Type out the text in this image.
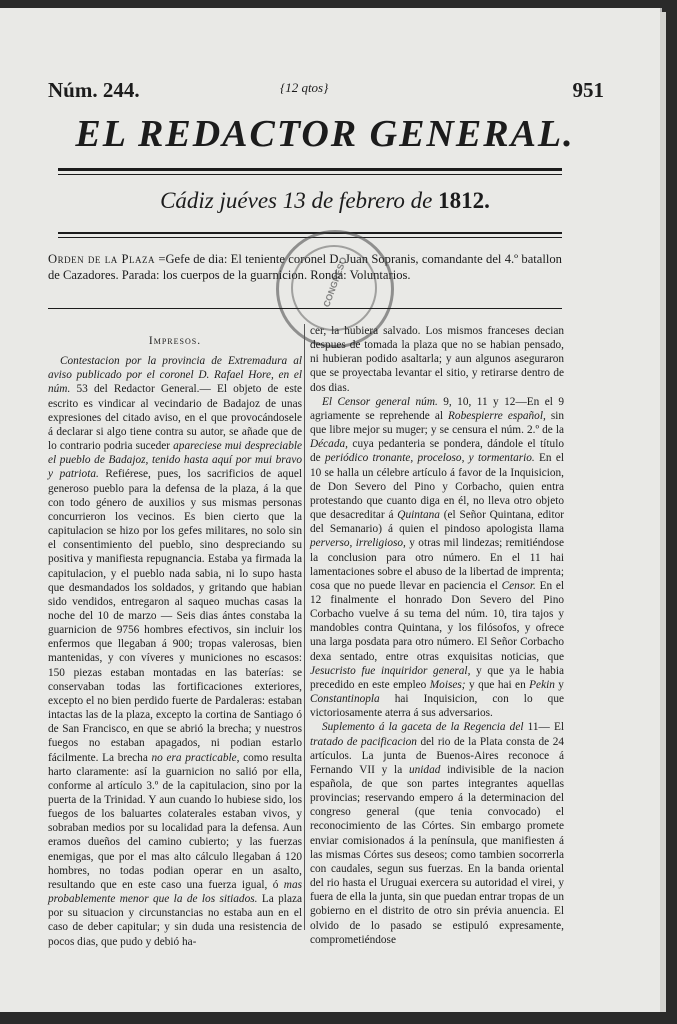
Núm. 244.	{12 qtos}	951
EL REDACTOR GENERAL.
Cádiz juéves 13 de febrero de 1812.
Orden de la Plaza =Gefe de dia: El teniente coronel D. Juan Sopranis, comandante del 4.º batallon de Cazadores. Parada: los cuerpos de la guarnicion. Ronda: Voluntarios.
CONGRESO
Impresos.

Contestacion por la provincia de Extremadura al aviso publicado por el coronel D. Rafael Hore, en el núm. 53 del Redactor General.— El objeto de este escrito es vindicar al vecindario de Badajoz de unas expresiones del citado aviso, en el que provocándosele á declarar si algo tiene contra su autor, se añade que de lo contrario podria suceder apareciese mui despreciable el pueblo de Badajoz, tenido hasta aquí por mui bravo y patriota. Refiérese, pues, los sacrificios de aquel generoso pueblo para la defensa de la plaza, á la que con todo género de auxilios y sus mismas personas concurrieron los vecinos. Es bien cierto que la capitulacion se hizo por los gefes militares, no solo sin el consentimiento del pueblo, sino despreciando su positiva y manifiesta repugnancia. Estaba ya firmada la capitulacion, y el pueblo nada sabia, ni lo supo hasta que desmandados los soldados, y gritando que habian sido vendidos, entregaron al saqueo muchas casas la noche del 10 de marzo — Seis dias ántes constaba la guarnicion de 9756 hombres efectivos, sin incluir los enfermos que llegaban á 900; tropas valerosas, bien mantenidas, y con víveres y municiones no escasos: 150 piezas estaban montadas en las baterías: se conservaban todas las fortificaciones exteriores, excepto el no bien perdido fuerte de Pardaleras: estaban intactas las de la plaza, excepto la cortina de Santiago ó de San Francisco, en que se abrió la brecha; y nuestros fuegos no estaban apagados, ni podian estarlo fácilmente. La brecha no era practicable, como resulta harto claramente: así la guarnicion no salió por ella, conforme al artículo 3.º de la capitulacion, sino por la puerta de la Trinidad. Y aun cuando lo hubiese sido, los fuegos de los baluartes colaterales estaban vivos, y sobraban medios por su localidad para la defensa. Aun eramos dueños del camino cubierto; y las fuerzas enemigas, que por el mas alto cálculo llegaban á 120 hombres, no todas podian operar en un asalto, resultando que en este caso una fuerza igual, ó mas probablemente menor que la de los sitiados. La plaza por su situacion y circunstancias no estaba aun en el caso de deber capitular; y sin duda una resistencia de pocos dias, que pudo y debió ha-

cer, la hubiera salvado. Los mismos franceses decian despues de tomada la plaza que no se habian pensado, ni hubieran podido asaltarla; y aun algunos aseguraron que se proyectaba levantar el sitio, y retirarse dentro de dos dias.

El Censor general núm. 9, 10, 11 y 12—En el 9 agriamente se reprehende al Robespierre español, sin que libre mejor su muger; y se censura el núm. 2.º de la Década, cuya pedanteria se pondera, dándole el título de periódico tronante, proceloso, y tormentario. En el 10 se halla un célebre artículo á favor de la Inquisicion, de Don Severo del Pino y Corbacho, quien entra protestando que cuanto diga en él, no lleva otro objeto que desacreditar á Quintana (el Señor Quintana, editor del Semanario) á quien el pindoso apologista llama perverso, irreligioso, y otras mil lindezas; remitiéndose la conclusion para otro número. En el 11 hai lamentaciones sobre el abuso de la libertad de imprenta; cosa que no puede llevar en paciencia el Censor. En el 12 finalmente el honrado Don Severo del Pino Corbacho vuelve á su tema del núm. 10, tira tajos y mandobles contra Quintana, y los filósofos, y ofrece una larga posdata para otro número. El Señor Corbacho dexa sentado, entre otras exquisitas noticias, que Jesucristo fue inquiridor general, y que ya le habia precedido en este empleo Moises; y que hai en Pekin y Constantinopla hai Inquisicion, con lo que victoriosamente aterra á sus adversarios.

Suplemento á la gaceta de la Regencia del 11— El tratado de pacificacion del rio de la Plata consta de 24 artículos. La junta de Buenos-Aires reconoce á Fernando VII y la unidad indivisible de la nacion española, de que son partes integrantes aquellas provincias; reservando empero á la determinacion del congreso general (que tenia convocado) el reconocimiento de las Córtes. Sin embargo promete enviar comisionados á la península, que manifiesten á las mismas Córtes sus deseos; como tambien socorrerla con caudales, segun sus fuerzas. En la banda oriental del rio hasta el Uruguai exercera su autoridad el virei, y fuera de ella la junta, sin que puedan entrar tropas de un gobierno en el distrito de otro sin prévia anuencia. El olvido de lo pasado se estipuló expresamente, comprometiéndose
